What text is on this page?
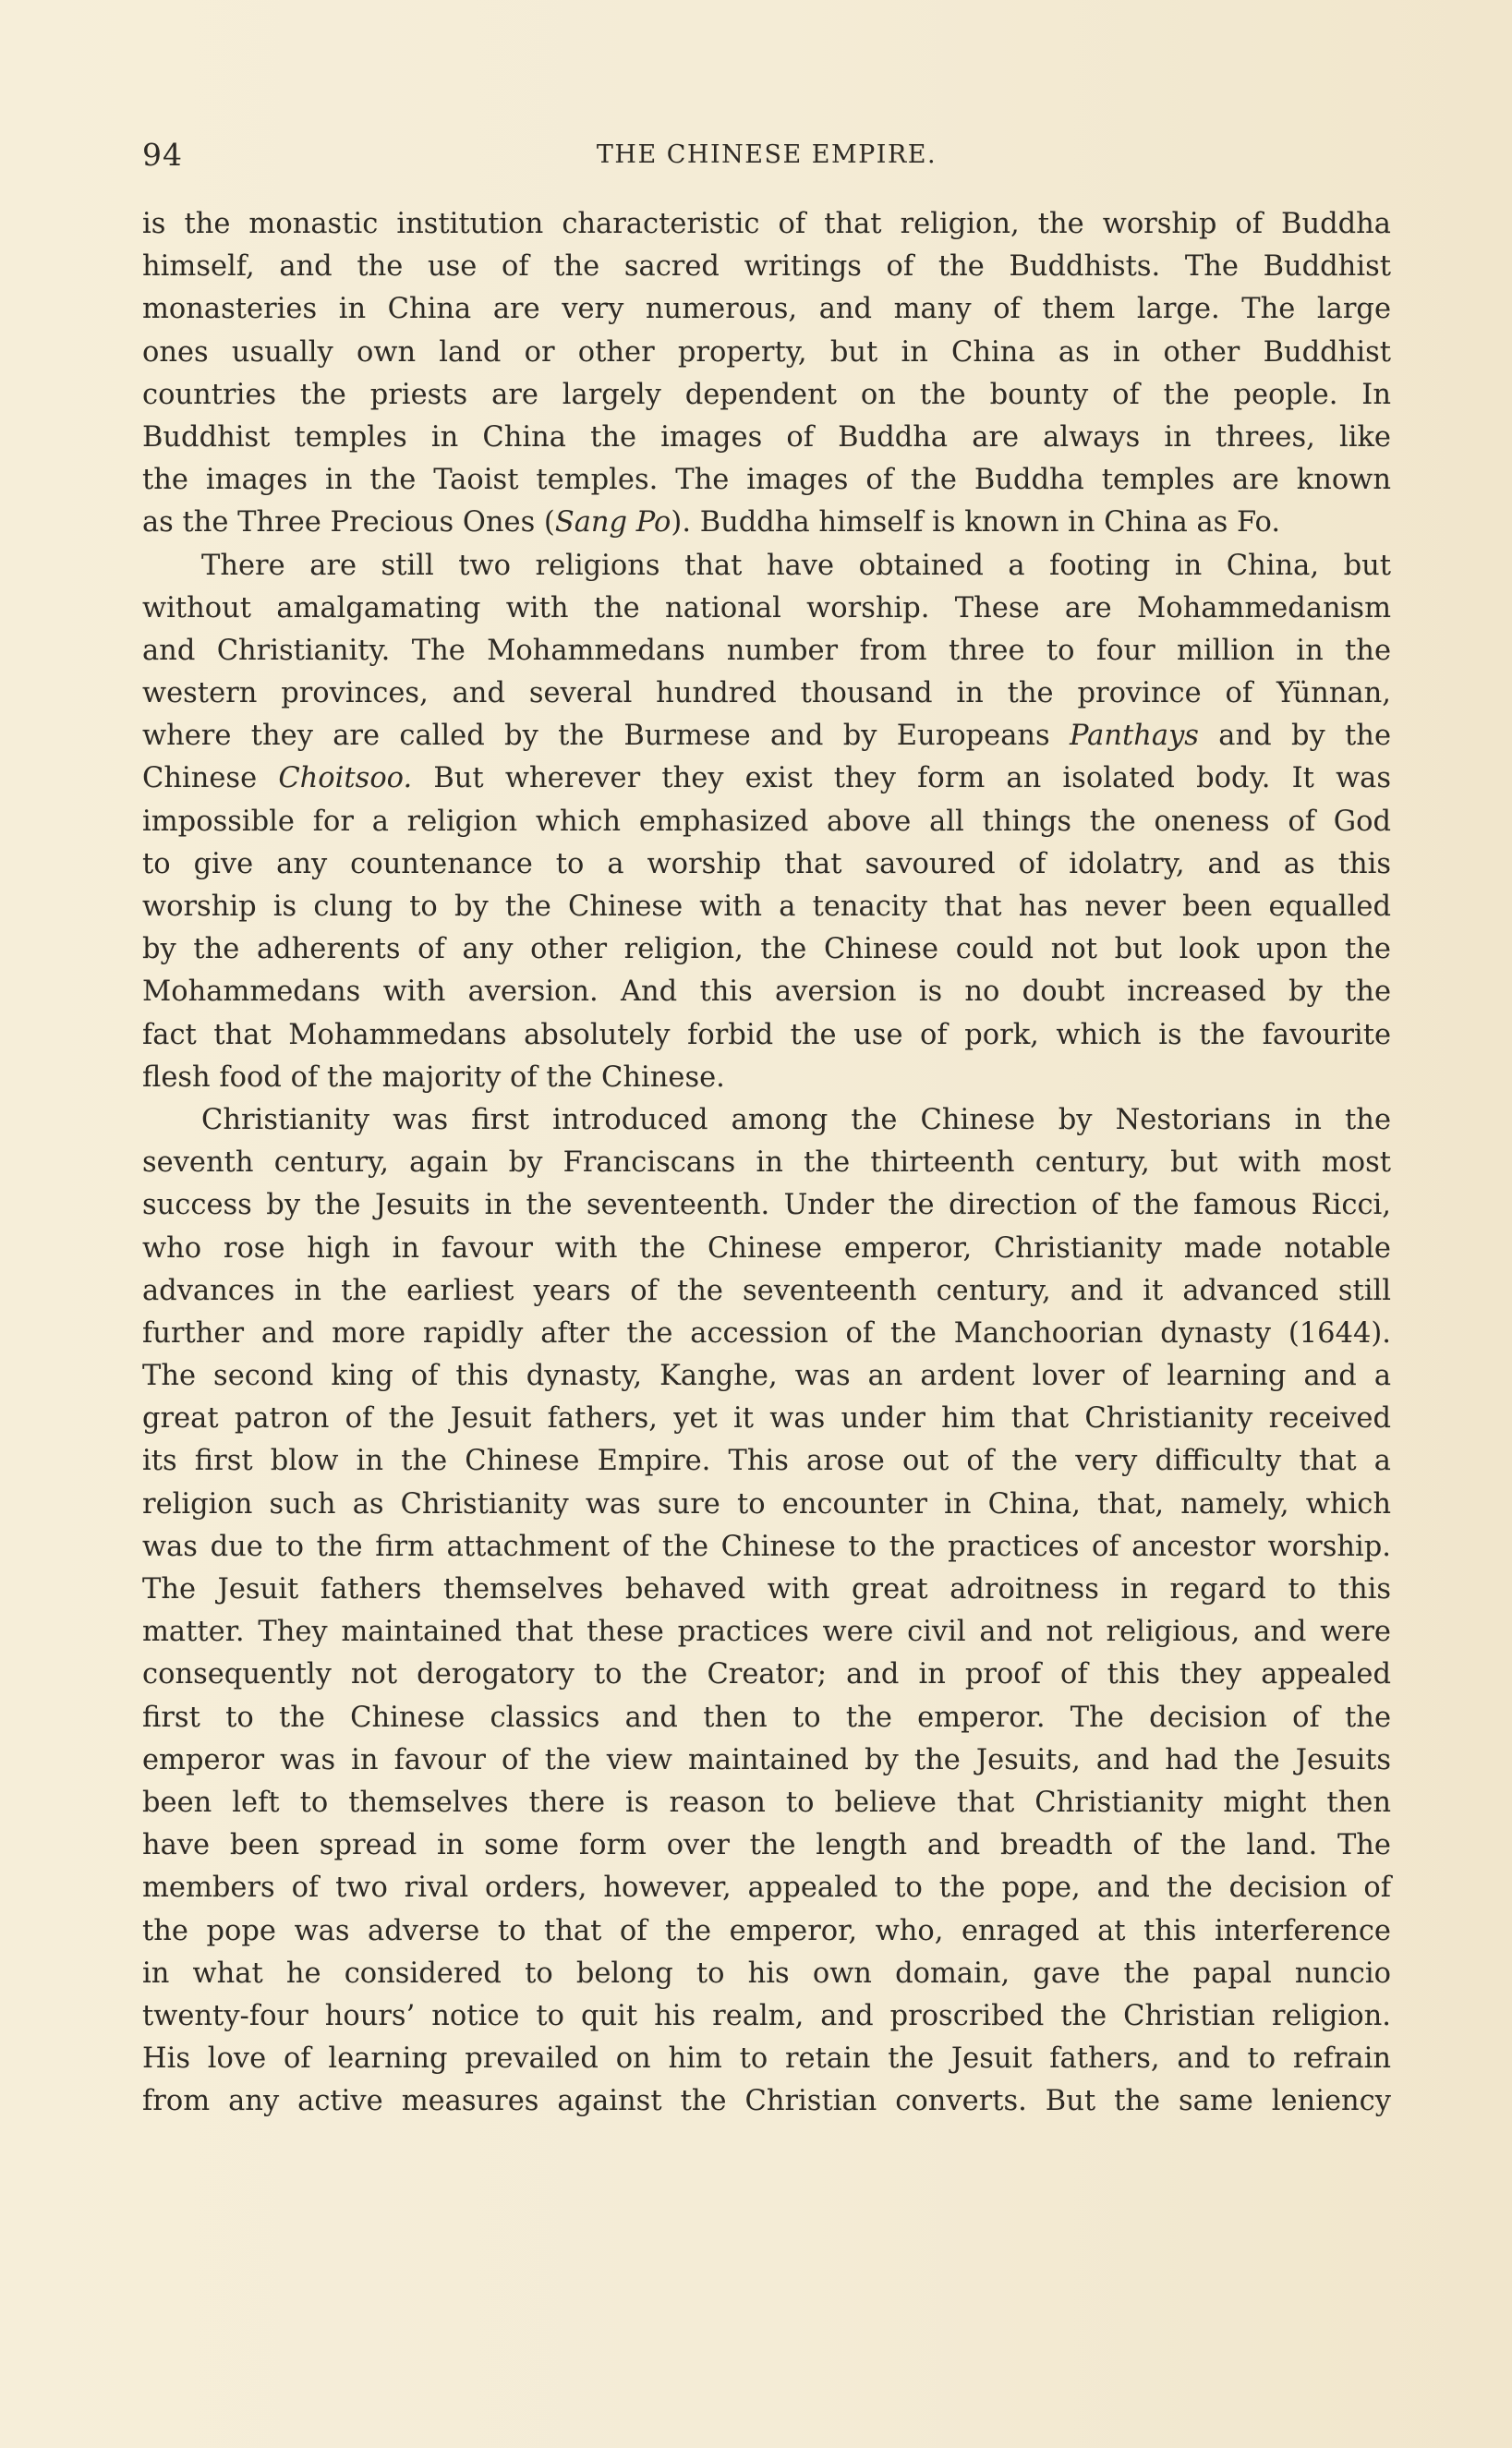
94	THE CHINESE EMPIRE.
is the monastic institution characteristic of that religion, the worship of Buddha
himself, and the use of the sacred writings of the Buddhists. The Buddhist
monasteries in China are very numerous, and many of them large. The large
ones usually own land or other property, but in China as in other Buddhist
countries the priests are largely dependent on the bounty of the people. In
Buddhist temples in China the images of Buddha are always in threes, like
the images in the Taoist temples. The images of the Buddha temples are known
as the Three Precious Ones (Sang Po). Buddha himself is known in China as Fo.
There are still two religions that have obtained a footing in China, but
without amalgamating with the national worship. These are Mohammedanism
and Christianity. The Mohammedans number from three to four million in the
western provinces, and several hundred thousand in the province of Yünnan,
where they are called by the Burmese and by Europeans Panthays and by the
Chinese Choitsoo. But wherever they exist they form an isolated body. It was
impossible for a religion which emphasized above all things the oneness of God
to give any countenance to a worship that savoured of idolatry, and as this
worship is clung to by the Chinese with a tenacity that has never been equalled
by the adherents of any other religion, the Chinese could not but look upon the
Mohammedans with aversion. And this aversion is no doubt increased by the
fact that Mohammedans absolutely forbid the use of pork, which is the favourite
flesh food of the majority of the Chinese.
Christianity was first introduced among the Chinese by Nestorians in the
seventh century, again by Franciscans in the thirteenth century, but with most
success by the Jesuits in the seventeenth. Under the direction of the famous Ricci,
who rose high in favour with the Chinese emperor, Christianity made notable
advances in the earliest years of the seventeenth century, and it advanced still
further and more rapidly after the accession of the Manchoorian dynasty (1644).
The second king of this dynasty, Kanghe, was an ardent lover of learning and a
great patron of the Jesuit fathers, yet it was under him that Christianity received
its first blow in the Chinese Empire. This arose out of the very difficulty that a
religion such as Christianity was sure to encounter in China, that, namely, which
was due to the firm attachment of the Chinese to the practices of ancestor worship.
The Jesuit fathers themselves behaved with great adroitness in regard to this
matter. They maintained that these practices were civil and not religious, and were
consequently not derogatory to the Creator; and in proof of this they appealed
first to the Chinese classics and then to the emperor. The decision of the
emperor was in favour of the view maintained by the Jesuits, and had the Jesuits
been left to themselves there is reason to believe that Christianity might then
have been spread in some form over the length and breadth of the land. The
members of two rival orders, however, appealed to the pope, and the decision of
the pope was adverse to that of the emperor, who, enraged at this interference
in what he considered to belong to his own domain, gave the papal nuncio
twenty-four hours’ notice to quit his realm, and proscribed the Christian religion.
His love of learning prevailed on him to retain the Jesuit fathers, and to refrain
from any active measures against the Christian converts. But the same leniency
